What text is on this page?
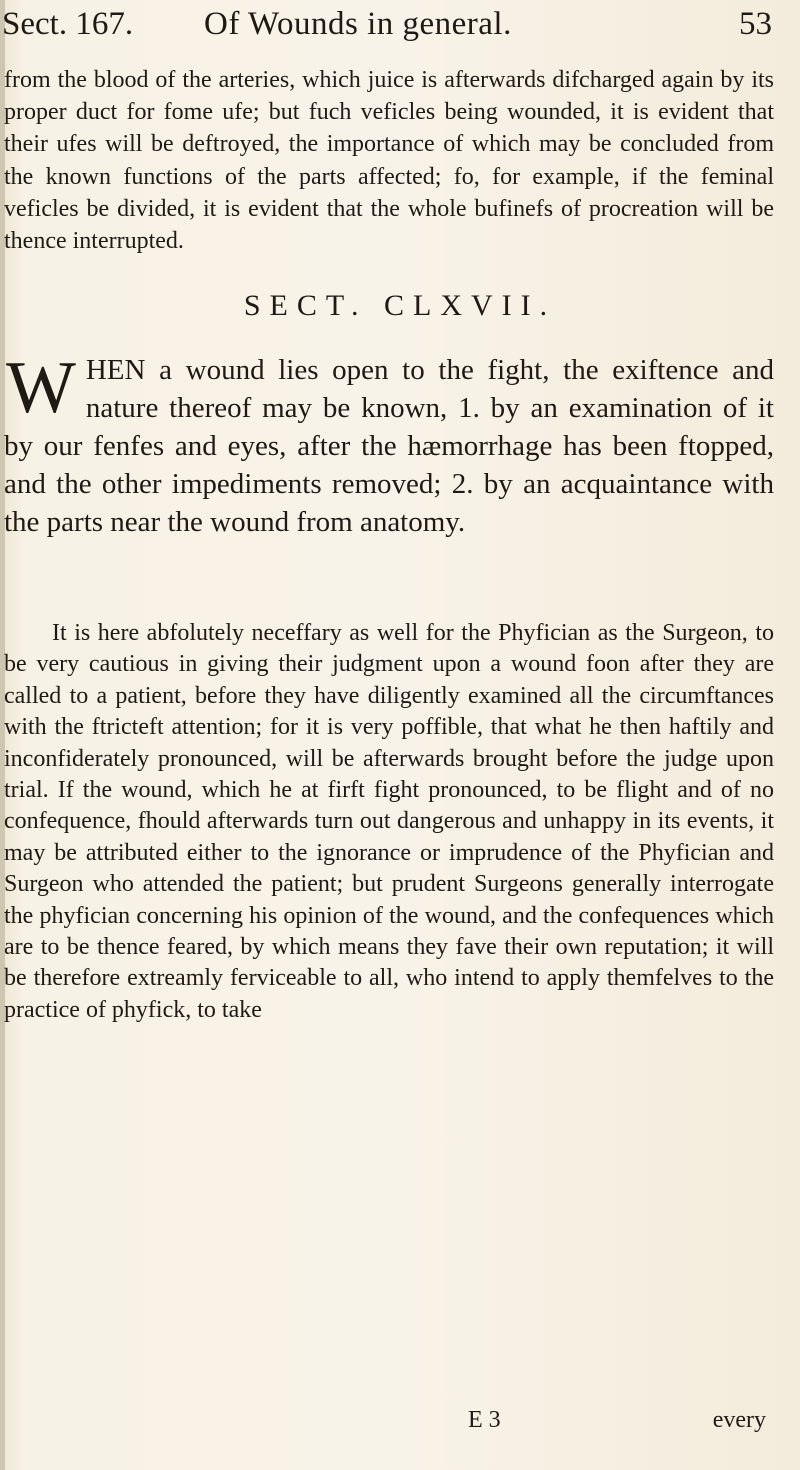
Sect. 167. Of Wounds in general.	53

from the blood of the arteries, which juice is afterwards difcharged again by its proper duct for fome ufe; but fuch veficles being wounded, it is evident that their ufes will be deftroyed, the importance of which may be concluded from the known functions of the parts affected; fo, for example, if the feminal veficles be divided, it is evident that the whole bufinefs of procreation will be thence interrupted.

SECT. CLXVII.

W HEN a wound lies open to the fight, the exiftence and nature thereof may be known, 1. by an examination of it by our fenfes and eyes, after the hæmorrhage has been ftopped, and the other impediments removed; 2. by an acquaintance with the parts near the wound from anatomy.

It is here abfolutely neceffary as well for the Phyfician as the Surgeon, to be very cautious in giving their judgment upon a wound foon after they are called to a patient, before they have diligently examined all the circumftances with the ftricteft attention; for it is very poffible, that what he then haftily and inconfiderately pronounced, will be afterwards brought before the judge upon trial. If the wound, which he at firft fight pronounced, to be flight and of no confequence, fhould afterwards turn out dangerous and unhappy in its events, it may be attributed either to the ignorance or imprudence of the Phyfician and Surgeon who attended the patient; but prudent Surgeons generally interrogate the phyfician concerning his opinion of the wound, and the confequences which are to be thence feared, by which means they fave their own reputation; it will be therefore extreamly ferviceable to all, who intend to apply themfelves to the practice of phyfick, to take

E 3	every
